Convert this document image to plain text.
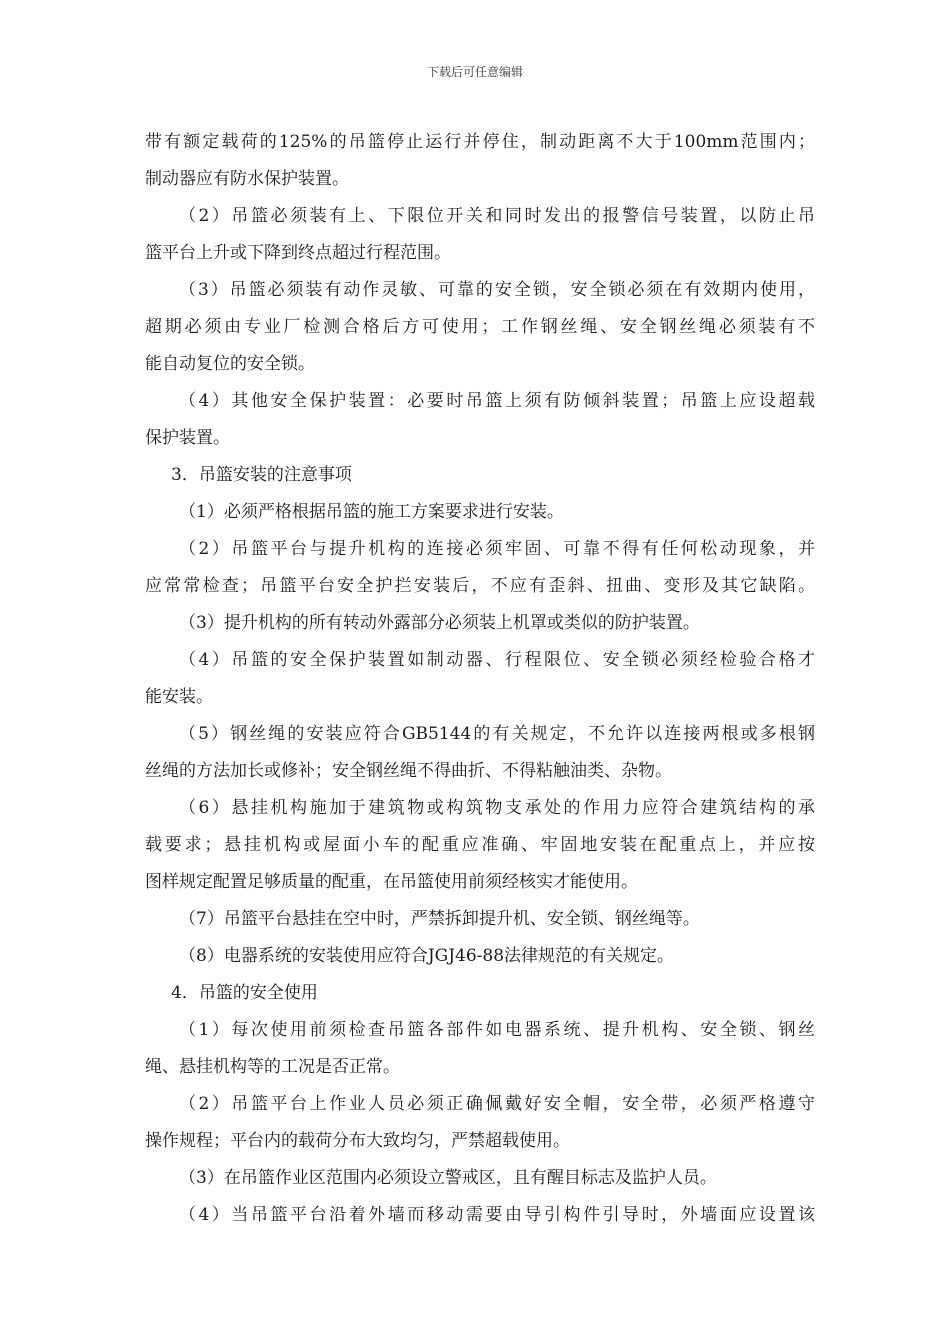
下载后可任意编辑
带有额定载荷的125%的吊篮停止运行并停住，制动距离不大于100mm范围内；
制动器应有防水保护装置。
（2）吊篮必须装有上、下限位开关和同时发出的报警信号装置，以防止吊
篮平台上升或下降到终点超过行程范围。
（3）吊篮必须装有动作灵敏、可靠的安全锁，安全锁必须在有效期内使用，
超期必须由专业厂检测合格后方可使用；工作钢丝绳、安全钢丝绳必须装有不
能自动复位的安全锁。
（4）其他安全保护装置：必要时吊篮上须有防倾斜装置；吊篮上应设超载
保护装置。
3．吊篮安装的注意事项
（1）必须严格根据吊篮的施工方案要求进行安装。
（2）吊篮平台与提升机构的连接必须牢固、可靠不得有任何松动现象，并
应常常检查；吊篮平台安全护拦安装后，不应有歪斜、扭曲、变形及其它缺陷。
（3）提升机构的所有转动外露部分必须装上机罩或类似的防护装置。
（4）吊篮的安全保护装置如制动器、行程限位、安全锁必须经检验合格才
能安装。
（5）钢丝绳的安装应符合GB5144的有关规定，不允许以连接两根或多根钢
丝绳的方法加长或修补；安全钢丝绳不得曲折、不得粘触油类、杂物。
（6）悬挂机构施加于建筑物或构筑物支承处的作用力应符合建筑结构的承
载要求；悬挂机构或屋面小车的配重应准确、牢固地安装在配重点上，并应按
图样规定配置足够质量的配重，在吊篮使用前须经核实才能使用。
（7）吊篮平台悬挂在空中时，严禁拆卸提升机、安全锁、钢丝绳等。
（8）电器系统的安装使用应符合JGJ46-88法律规范的有关规定。
4．吊篮的安全使用
（1）每次使用前须检查吊篮各部件如电器系统、提升机构、安全锁、钢丝
绳、悬挂机构等的工况是否正常。
（2）吊篮平台上作业人员必须正确佩戴好安全帽，安全带，必须严格遵守
操作规程；平台内的载荷分布大致均匀，严禁超载使用。
（3）在吊篮作业区范围内必须设立警戒区，且有醒目标志及监护人员。
（4）当吊篮平台沿着外墙而移动需要由导引构件引导时，外墙面应设置该
